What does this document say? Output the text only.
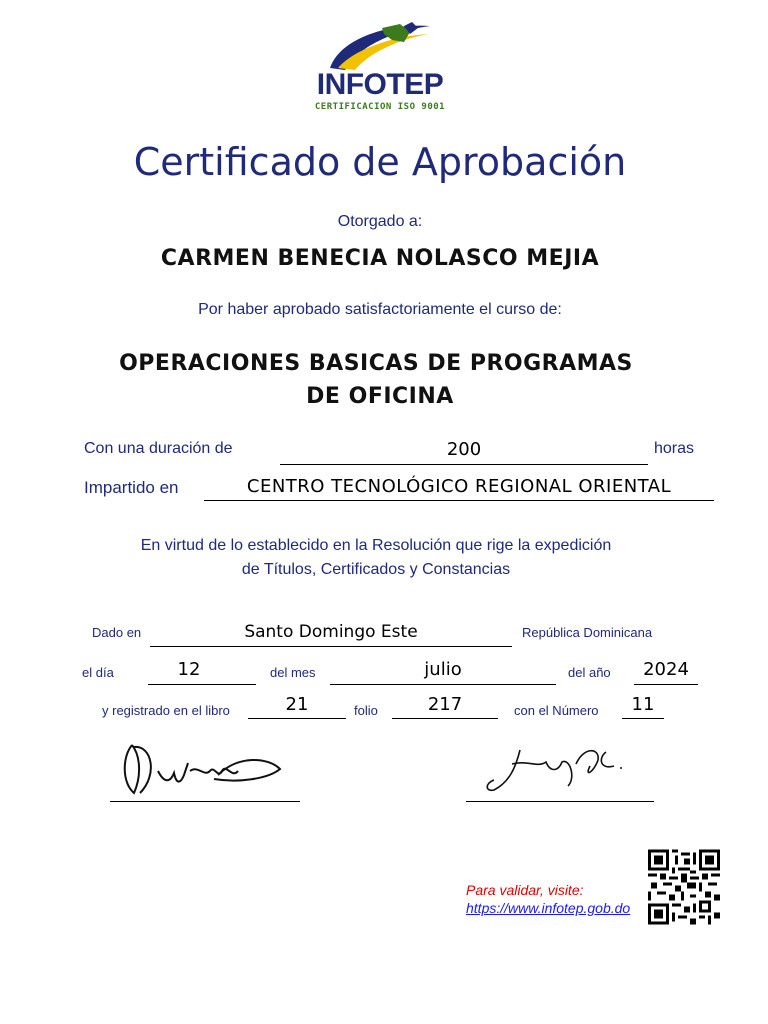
INFOTEP
CERTIFICACION ISO 9001
Certificado de Aprobación
Otorgado a:
CARMEN BENECIA NOLASCO MEJIA
Por haber aprobado satisfactoriamente el curso de:
OPERACIONES BASICAS DE PROGRAMAS
DE OFICINA
Con una duración de	200	horas
Impartido en	CENTRO TECNOLÓGICO REGIONAL ORIENTAL
En virtud de lo establecido en la Resolución que rige la expedición
de Títulos, Certificados y Constancias
Dado en	Santo Domingo Este	República Dominicana
el día	12	del mes	julio	del año	2024
y registrado en el libro	21	folio	217	con el Número	11
Para validar, visite:
https://www.infotep.gob.do
